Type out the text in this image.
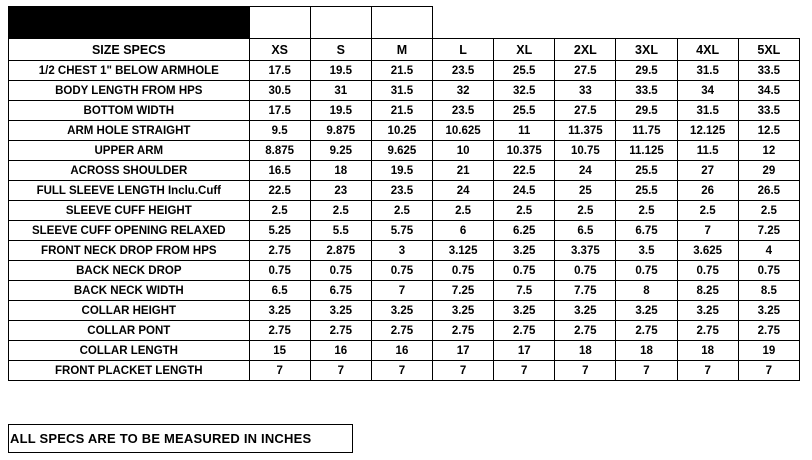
POLO L/S									
SIZE SPECS	XS	S	M	L	XL	2XL	3XL	4XL	5XL
1/2 CHEST 1" BELOW ARMHOLE	17.5	19.5	21.5	23.5	25.5	27.5	29.5	31.5	33.5
BODY LENGTH FROM HPS	30.5	31	31.5	32	32.5	33	33.5	34	34.5
BOTTOM WIDTH	17.5	19.5	21.5	23.5	25.5	27.5	29.5	31.5	33.5
ARM HOLE STRAIGHT	9.5	9.875	10.25	10.625	11	11.375	11.75	12.125	12.5
UPPER ARM	8.875	9.25	9.625	10	10.375	10.75	11.125	11.5	12
ACROSS SHOULDER	16.5	18	19.5	21	22.5	24	25.5	27	29
FULL SLEEVE LENGTH Inclu.Cuff	22.5	23	23.5	24	24.5	25	25.5	26	26.5
SLEEVE CUFF HEIGHT	2.5	2.5	2.5	2.5	2.5	2.5	2.5	2.5	2.5
SLEEVE CUFF OPENING RELAXED	5.25	5.5	5.75	6	6.25	6.5	6.75	7	7.25
FRONT NECK DROP FROM HPS	2.75	2.875	3	3.125	3.25	3.375	3.5	3.625	4
BACK NECK DROP	0.75	0.75	0.75	0.75	0.75	0.75	0.75	0.75	0.75
BACK NECK WIDTH	6.5	6.75	7	7.25	7.5	7.75	8	8.25	8.5
COLLAR HEIGHT	3.25	3.25	3.25	3.25	3.25	3.25	3.25	3.25	3.25
COLLAR PONT	2.75	2.75	2.75	2.75	2.75	2.75	2.75	2.75	2.75
COLLAR LENGTH	15	16	16	17	17	18	18	18	19
FRONT PLACKET LENGTH	7	7	7	7	7	7	7	7	7
ALL SPECS ARE TO BE MEASURED IN INCHES
